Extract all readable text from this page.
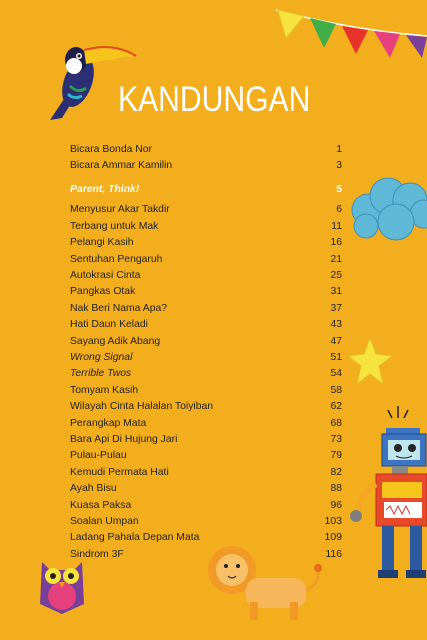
KANDUNGAN
Bicara Bonda Nor	1
Bicara Ammar Kamilin	3
Parent, Think!	5
Menyusur Akar Takdir	6
Terbang untuk Mak	11
Pelangi Kasih	16
Sentuhan Pengaruh	21
Autokrasi Cinta	25
Pangkas Otak	31
Nak Beri Nama Apa?	37
Hati Daun Keladi	43
Sayang Adik Abang	47
Wrong Signal	51
Terrible Twos	54
Tomyam Kasih	58
Wilayah Cinta Halalan Toiyiban	62
Perangkap Mata	68
Bara Api Di Hujung Jari	73
Pulau-Pulau	79
Kemudi Permata Hati	82
Ayah Bisu	88
Kuasa Paksa	96
Soalan Umpan	103
Ladang Pahala Depan Mata	109
Sindrom 3F	116
